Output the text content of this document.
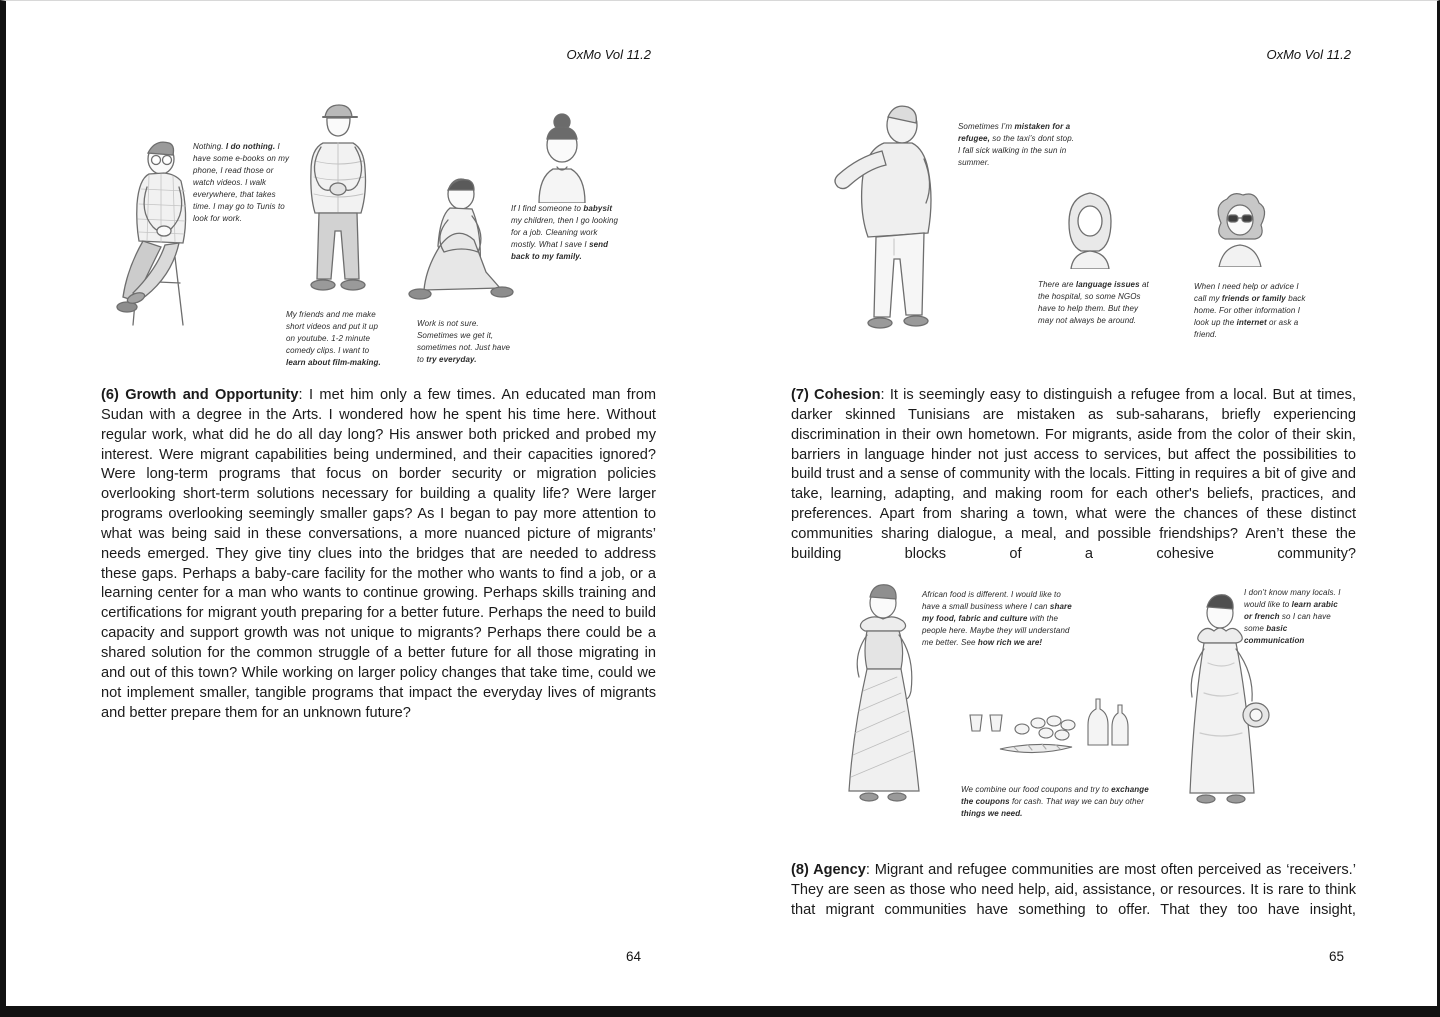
OxMo Vol 11.2	OxMo Vol 11.2
Nothing. I do nothing. I have some e-books on my phone, I read those or watch videos. I walk everywhere, that takes time. I may go to Tunis to look for work.
My friends and me make short videos and put it up on youtube. 1-2 minute comedy clips. I want to learn about film-making.
Work is not sure. Sometimes we get it, sometimes not. Just have to try everyday.
If I find someone to babysit my children, then I go looking for a job. Cleaning work mostly. What I save I send back to my family.

(6) Growth and Opportunity: I met him only a few times. An educated man from Sudan with a degree in the Arts. I wondered how he spent his time here. Without regular work, what did he do all day long? His answer both pricked and probed my interest. Were migrant capabilities being undermined, and their capacities ignored? Were long-term programs that focus on border security or migration policies overlooking short-term solutions necessary for building a quality life? Were larger programs overlooking seemingly smaller gaps? As I began to pay more attention to what was being said in these conversations, a more nuanced picture of migrants’ needs emerged. They give tiny clues into the bridges that are needed to address these gaps. Perhaps a baby-care facility for the mother who wants to find a job, or a learning center for a man who wants to continue growing. Perhaps skills training and certifications for migrant youth preparing for a better future. Perhaps the need to build capacity and support growth was not unique to migrants? Perhaps there could be a shared solution for the common struggle of a better future for all those migrating in and out of this town? While working on larger policy changes that take time, could we not implement smaller, tangible programs that impact the everyday lives of migrants and better prepare them for an unknown future?

64
Sometimes I’m mistaken for a refugee, so the taxi’s dont stop. I fall sick walking in the sun in summer.
There are language issues at the hospital, so some NGOs have to help them. But they may not always be around.
When I need help or advice I call my friends or family back home. For other information I look up the internet or ask a friend.

(7) Cohesion: It is seemingly easy to distinguish a refugee from a local. But at times, darker skinned Tunisians are mistaken as sub-saharans, briefly experiencing discrimination in their own hometown. For migrants, aside from the color of their skin, barriers in language hinder not just access to services, but affect the possibilities to build trust and a sense of community with the locals. Fitting in requires a bit of give and take, learning, adapting, and making room for each other's beliefs, practices, and preferences. Apart from sharing a town, what were the chances of these distinct communities sharing dialogue, a meal, and possible friendships? Aren’t these the building blocks of a cohesive community?

African food is different. I would like to have a small business where I can share my food, fabric and culture with the people here. Maybe they will understand me better. See how rich we are!
I don’t know many locals. I would like to learn arabic or french so I can have some basic communication
We combine our food coupons and try to exchange the coupons for cash. That way we can buy other things we need.

(8) Agency: Migrant and refugee communities are most often perceived as ‘receivers.’ They are seen as those who need help, aid, assistance, or resources. It is rare to think that migrant communities have something to offer. That they too have insight,

65
